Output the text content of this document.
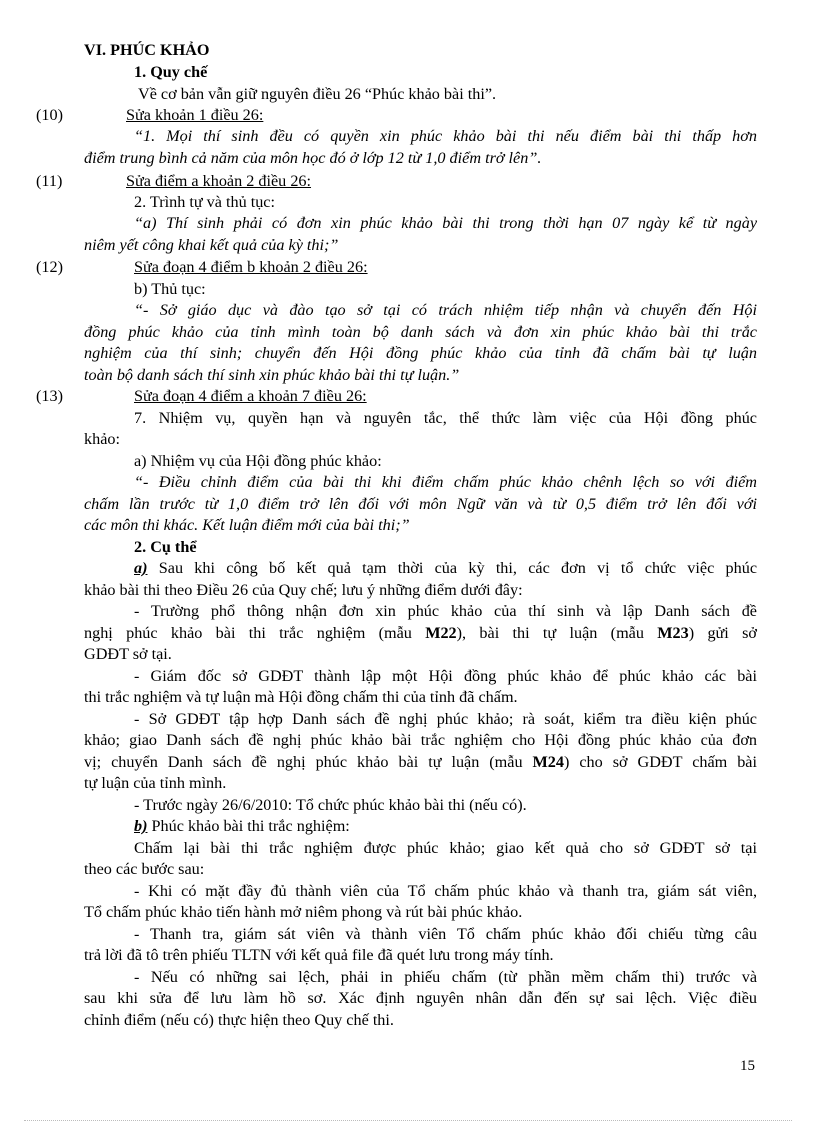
VI. PHÚC KHẢO
1. Quy chế
Về cơ bản vẫn giữ nguyên điều 26 “Phúc khảo bài thi”.
(10)	Sửa khoản 1 điều 26:
“1. Mọi thí sinh đều có quyền xin phúc khảo bài thi nếu điểm bài thi thấp hơn
điểm trung bình cả năm của môn học đó ở lớp 12 từ 1,0 điểm trở lên”.
(11)	Sửa điểm a khoản 2 điều 26:
2. Trình tự và thủ tục:
“a) Thí sinh phải có đơn xin phúc khảo bài thi trong thời hạn 07 ngày kể từ ngày
niêm yết công khai kết quả của kỳ thi;”
(12)	Sửa đoạn 4 điểm b khoản 2 điều 26:
b) Thủ tục:
“- Sở giáo dục và đào tạo sở tại có trách nhiệm tiếp nhận và chuyển đến Hội
đồng phúc khảo của tỉnh mình toàn bộ danh sách và đơn xin phúc khảo bài thi trắc
nghiệm của thí sinh; chuyển đến Hội đồng phúc khảo của tỉnh đã chấm bài tự luận
toàn bộ danh sách thí sinh xin phúc khảo bài thi tự luận.”
(13)	Sửa đoạn 4 điểm a khoản 7 điều 26:
7. Nhiệm vụ, quyền hạn và nguyên tắc, thể thức làm việc của Hội đồng phúc
khảo:
a) Nhiệm vụ của Hội đồng phúc khảo:
“- Điều chỉnh điểm của bài thi khi điểm chấm phúc khảo chênh lệch so với điểm
chấm lần trước từ 1,0 điểm trở lên đối với môn Ngữ văn và từ 0,5 điểm trở lên đối với
các môn thi khác. Kết luận điểm mới của bài thi;”
2. Cụ thể
a) Sau khi công bố kết quả tạm thời của kỳ thi, các đơn vị tổ chức việc phúc
khảo bài thi theo Điều 26 của Quy chế; lưu ý những điểm dưới đây:
- Trường phổ thông nhận đơn xin phúc khảo của thí sinh và lập Danh sách đề
nghị phúc khảo bài thi trắc nghiệm (mẫu M22), bài thi tự luận (mẫu M23) gửi sở
GDĐT sở tại.
- Giám đốc sở GDĐT thành lập một Hội đồng phúc khảo để phúc khảo các bài
thi trắc nghiệm và tự luận mà Hội đồng chấm thi của tỉnh đã chấm.
- Sở GDĐT tập hợp Danh sách đề nghị phúc khảo; rà soát, kiểm tra điều kiện phúc
khảo; giao Danh sách đề nghị phúc khảo bài trắc nghiệm cho Hội đồng phúc khảo của đơn
vị; chuyển Danh sách đề nghị phúc khảo bài tự luận (mẫu M24) cho sở GDĐT chấm bài
tự luận của tỉnh mình.
- Trước ngày 26/6/2010: Tổ chức phúc khảo bài thi (nếu có).
b) Phúc khảo bài thi trắc nghiệm:
Chấm lại bài thi trắc nghiệm được phúc khảo; giao kết quả cho sở GDĐT sở tại
theo các bước sau:
- Khi có mặt đầy đủ thành viên của Tổ chấm phúc khảo và thanh tra, giám sát viên,
Tổ chấm phúc khảo tiến hành mở niêm phong và rút bài phúc khảo.
- Thanh tra, giám sát viên và thành viên Tổ chấm phúc khảo đối chiếu từng câu
trả lời đã tô trên phiếu TLTN với kết quả file đã quét lưu trong máy tính.
- Nếu có những sai lệch, phải in phiếu chấm (từ phần mềm chấm thi) trước và
sau khi sửa để lưu làm hồ sơ. Xác định nguyên nhân dẫn đến sự sai lệch. Việc điều
chỉnh điểm (nếu có) thực hiện theo Quy chế thi.
15
